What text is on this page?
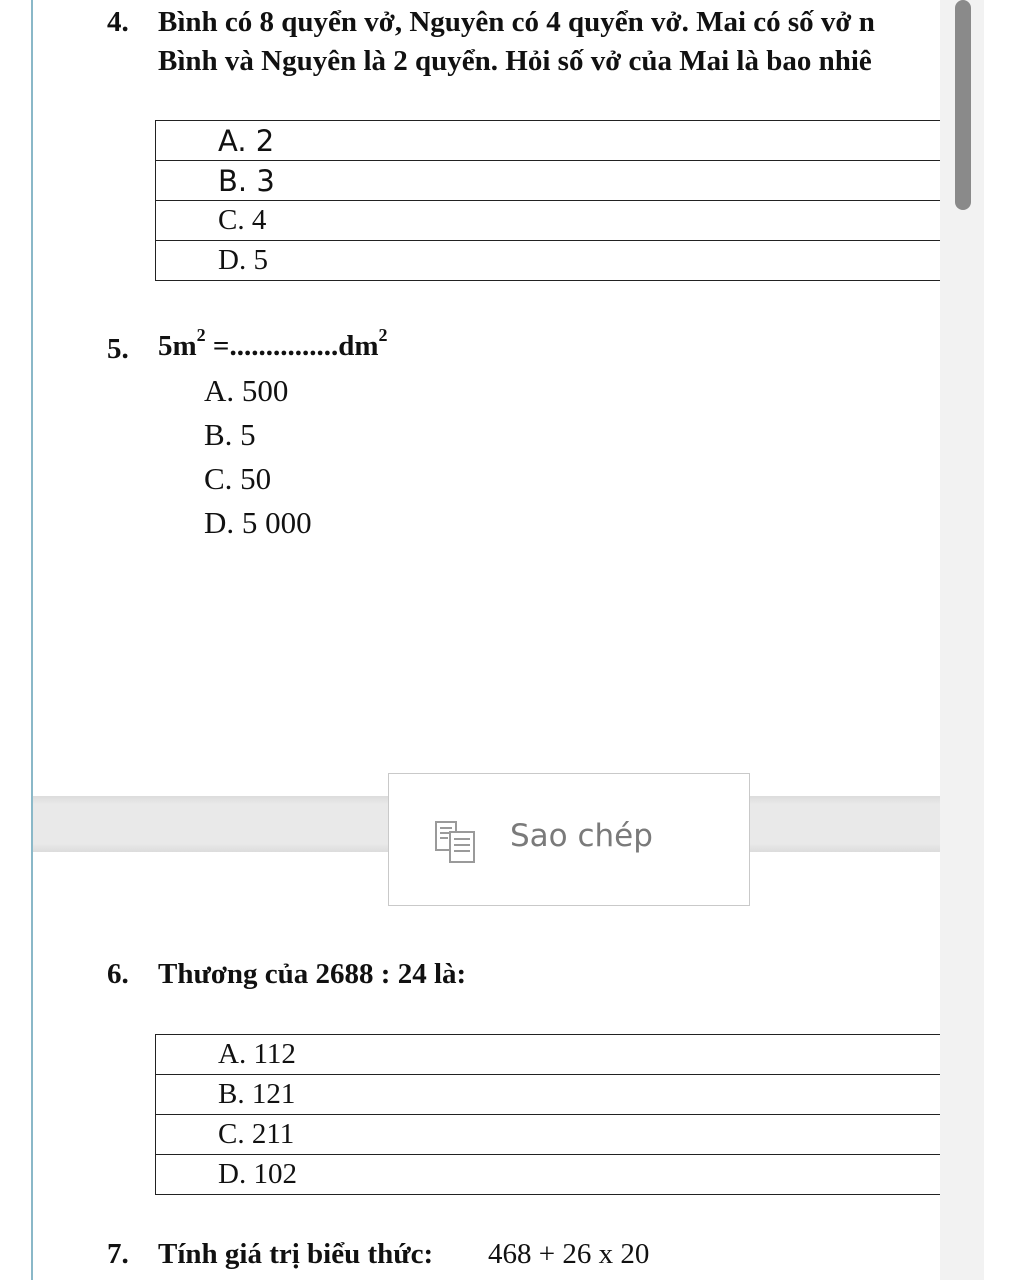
4. Bình có 8 quyển vở, Nguyên có 4 quyển vở. Mai có số vở n
Bình và Nguyên là 2 quyển. Hỏi số vở của Mai là bao nhiê
A. 2
B. 3
C. 4
D. 5
5. $5m^2 =...............dm^2$
A. 500
B. 5
C. 50
D. 5 000
6. Thương của 2688 : 24 là:
A. 112
B. 121
C. 211
D. 102
7. Tính giá trị biểu thức: 468 + 26 x 20
Sao chép
